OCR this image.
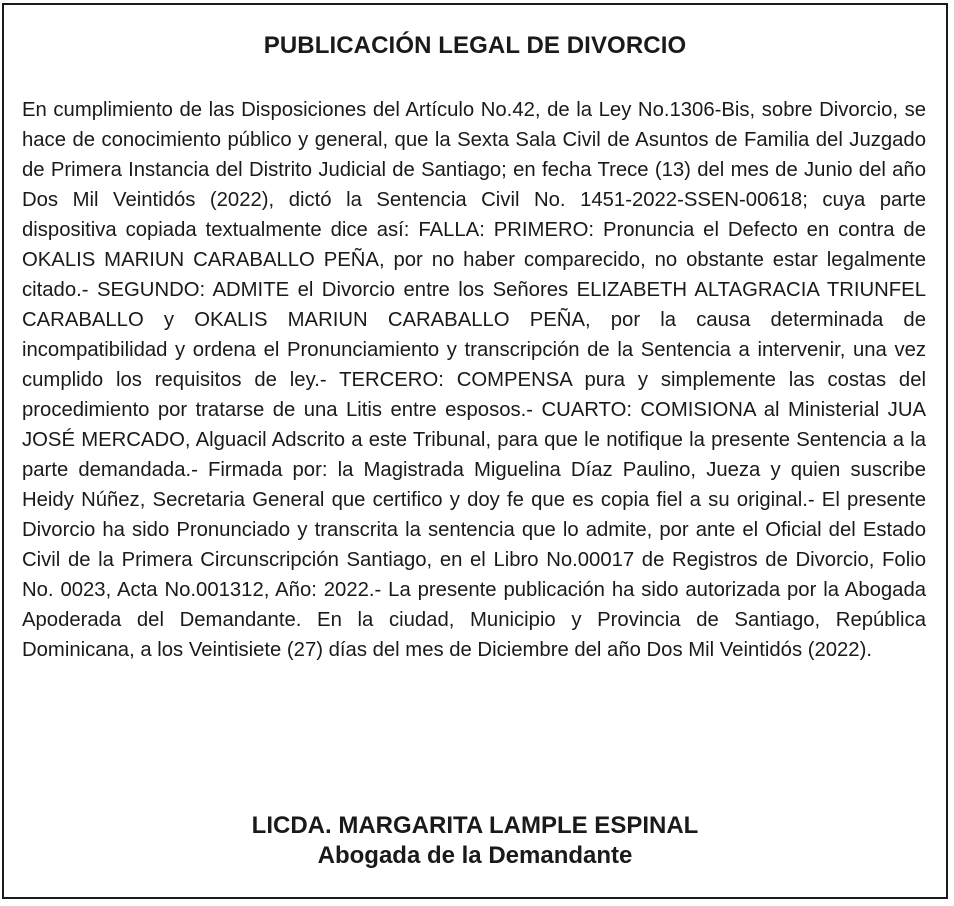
PUBLICACIÓN LEGAL DE DIVORCIO

En cumplimiento de las Disposiciones del Artículo No.42, de la Ley No.1306-Bis, sobre Divorcio, se hace de conocimiento público y general, que la Sexta Sala Civil de Asuntos de Familia del Juzgado de Primera Instancia del Distrito Judicial de Santiago; en fecha Trece (13) del mes de Junio del año Dos Mil Veintidós (2022), dictó la Sentencia Civil No. 1451-2022-SSEN-00618; cuya parte dispositiva copiada textualmente dice así: FALLA: PRIMERO: Pronuncia el Defecto en contra de OKALIS MARIUN CARABALLO PEÑA, por no haber comparecido, no obstante estar legalmente citado.- SEGUNDO: ADMITE el Divorcio entre los Señores ELIZABETH ALTAGRACIA TRIUNFEL CARABALLO y OKALIS MARIUN CARABALLO PEÑA, por la causa determinada de incompatibilidad y ordena el Pronunciamiento y transcripción de la Sentencia a intervenir, una vez cumplido los requisitos de ley.- TERCERO: COMPENSA pura y simplemente las costas del procedimiento por tratarse de una Litis entre esposos.- CUARTO: COMISIONA al Ministerial JUA JOSÉ MERCADO, Alguacil Adscrito a este Tribunal, para que le notifique la presente Sentencia a la parte demandada.- Firmada por: la Magistrada Miguelina Díaz Paulino, Jueza y quien suscribe Heidy Núñez, Secretaria General que certifico y doy fe que es copia fiel a su original.- El presente Divorcio ha sido Pronunciado y transcrita la sentencia que lo admite, por ante el Oficial del Estado Civil de la Primera Circunscripción Santiago, en el Libro No.00017 de Registros de Divorcio, Folio No. 0023, Acta No.001312, Año: 2022.- La presente publicación ha sido autorizada por la Abogada Apoderada del Demandante. En la ciudad, Municipio y Provincia de Santiago, República Dominicana, a los Veintisiete (27) días del mes de Diciembre del año Dos Mil Veintidós (2022).

LICDA. MARGARITA LAMPLE ESPINAL
Abogada de la Demandante
